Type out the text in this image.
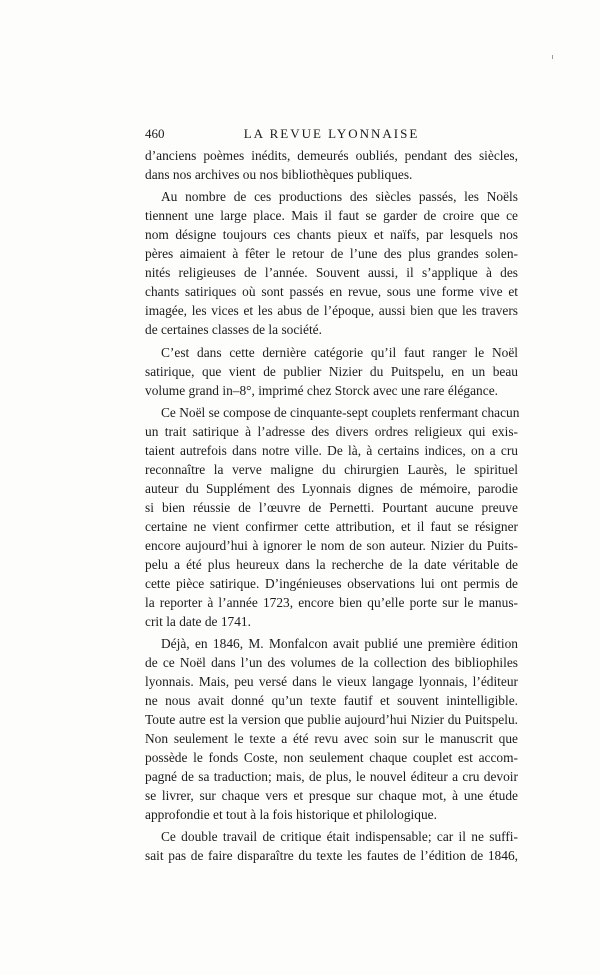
460	LA REVUE LYONNAISE

d’anciens poèmes inédits, demeurés oubliés, pendant des siècles,
dans nos archives ou nos bibliothèques publiques.

Au nombre de ces productions des siècles passés, les Noëls
tiennent une large place. Mais il faut se garder de croire que ce
nom désigne toujours ces chants pieux et naïfs, par lesquels nos
pères aimaient à fêter le retour de l’une des plus grandes solen-
nités religieuses de l’année. Souvent aussi, il s’applique à des
chants satiriques où sont passés en revue, sous une forme vive et
imagée, les vices et les abus de l’époque, aussi bien que les travers
de certaines classes de la société.

C’est dans cette dernière catégorie qu’il faut ranger le Noël
satirique, que vient de publier Nizier du Puitspelu, en un beau
volume grand in–8°, imprimé chez Storck avec une rare élégance.

Ce Noël se compose de cinquante-sept couplets renfermant chacun
un trait satirique à l’adresse des divers ordres religieux qui exis-
taient autrefois dans notre ville. De là, à certains indices, on a cru
reconnaître la verve maligne du chirurgien Laurès, le spirituel
auteur du Supplément des Lyonnais dignes de mémoire, parodie
si bien réussie de l’œuvre de Pernetti. Pourtant aucune preuve
certaine ne vient confirmer cette attribution, et il faut se résigner
encore aujourd’hui à ignorer le nom de son auteur. Nizier du Puits-
pelu a été plus heureux dans la recherche de la date véritable de
cette pièce satirique. D’ingénieuses observations lui ont permis de
la reporter à l’année 1723, encore bien qu’elle porte sur le manus-
crit la date de 1741.

Déjà, en 1846, M. Monfalcon avait publié une première édition
de ce Noël dans l’un des volumes de la collection des bibliophiles
lyonnais. Mais, peu versé dans le vieux langage lyonnais, l’éditeur
ne nous avait donné qu’un texte fautif et souvent inintelligible.
Toute autre est la version que publie aujourd’hui Nizier du Puitspelu.
Non seulement le texte a été revu avec soin sur le manuscrit que
possède le fonds Coste, non seulement chaque couplet est accom-
pagné de sa traduction; mais, de plus, le nouvel éditeur a cru devoir
se livrer, sur chaque vers et presque sur chaque mot, à une étude
approfondie et tout à la fois historique et philologique.

Ce double travail de critique était indispensable; car il ne suffi-
sait pas de faire disparaître du texte les fautes de l’édition de 1846,
